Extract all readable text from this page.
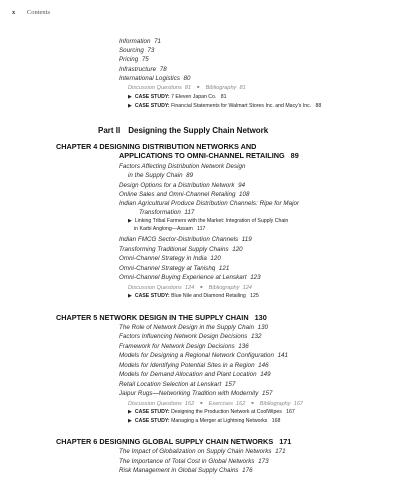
x Contents
Information 71
Sourcing 73
Pricing 75
Infrastructure 78
International Logistics 80
Discussion Questions 81 ■ Bibliography 81
▶ CASE STUDY: 7 Eleven Japan Co. 81
▶ CASE STUDY: Financial Statements for Walmart Stores Inc. and Macy’s Inc. 88
Part II Designing the Supply Chain Network
CHAPTER 4 DESIGNING DISTRIBUTION NETWORKS AND
APPLICATIONS TO OMNI-CHANNEL RETAILING 89
Factors Affecting Distribution Network Design
in the Supply Chain 89
Design Options for a Distribution Network 94
Online Sales and Omni-Channel Retailing 108
Indian Agricultural Produce Distribution Channels: Ripe for Major
Transformation 117
▶ Linking Tribal Farmers with the Market: Integration of Supply Chain
in Karbi Anglong—Assam 117
Indian FMCG Sector-Distribution Channels 119
Transforming Traditional Supply Chains 120
Omni-Channel Strategy in India 120
Omni-Channel Strategy at Tanishq 121
Omni-Channel Buying Experience at Lenskart 123
Discussion Questions 124 ■ Bibliography 124
▶ CASE STUDY: Blue Nile and Diamond Retailing 125
CHAPTER 5 NETWORK DESIGN IN THE SUPPLY CHAIN 130
The Role of Network Design in the Supply Chain 130
Factors Influencing Network Design Decisions 132
Framework for Network Design Decisions 136
Models for Designing a Regional Network Configuration 141
Models for Identifying Potential Sites in a Region 146
Models for Demand Allocation and Plant Location 149
Retail Location Selection at Lenskart 157
Jaipur Rugs—Networking Tradition with Modernity 157
Discussion Questions 162 ■ Exercises 162 ■ Bibliography 167
▶ CASE STUDY: Designing the Production Network at CoolWipes 167
▶ CASE STUDY: Managing a Merger at Lightning Networks 168
CHAPTER 6 DESIGNING GLOBAL SUPPLY CHAIN NETWORKS 171
The Impact of Globalization on Supply Chain Networks 171
The Importance of Total Cost in Global Networks 173
Risk Management in Global Supply Chains 176
